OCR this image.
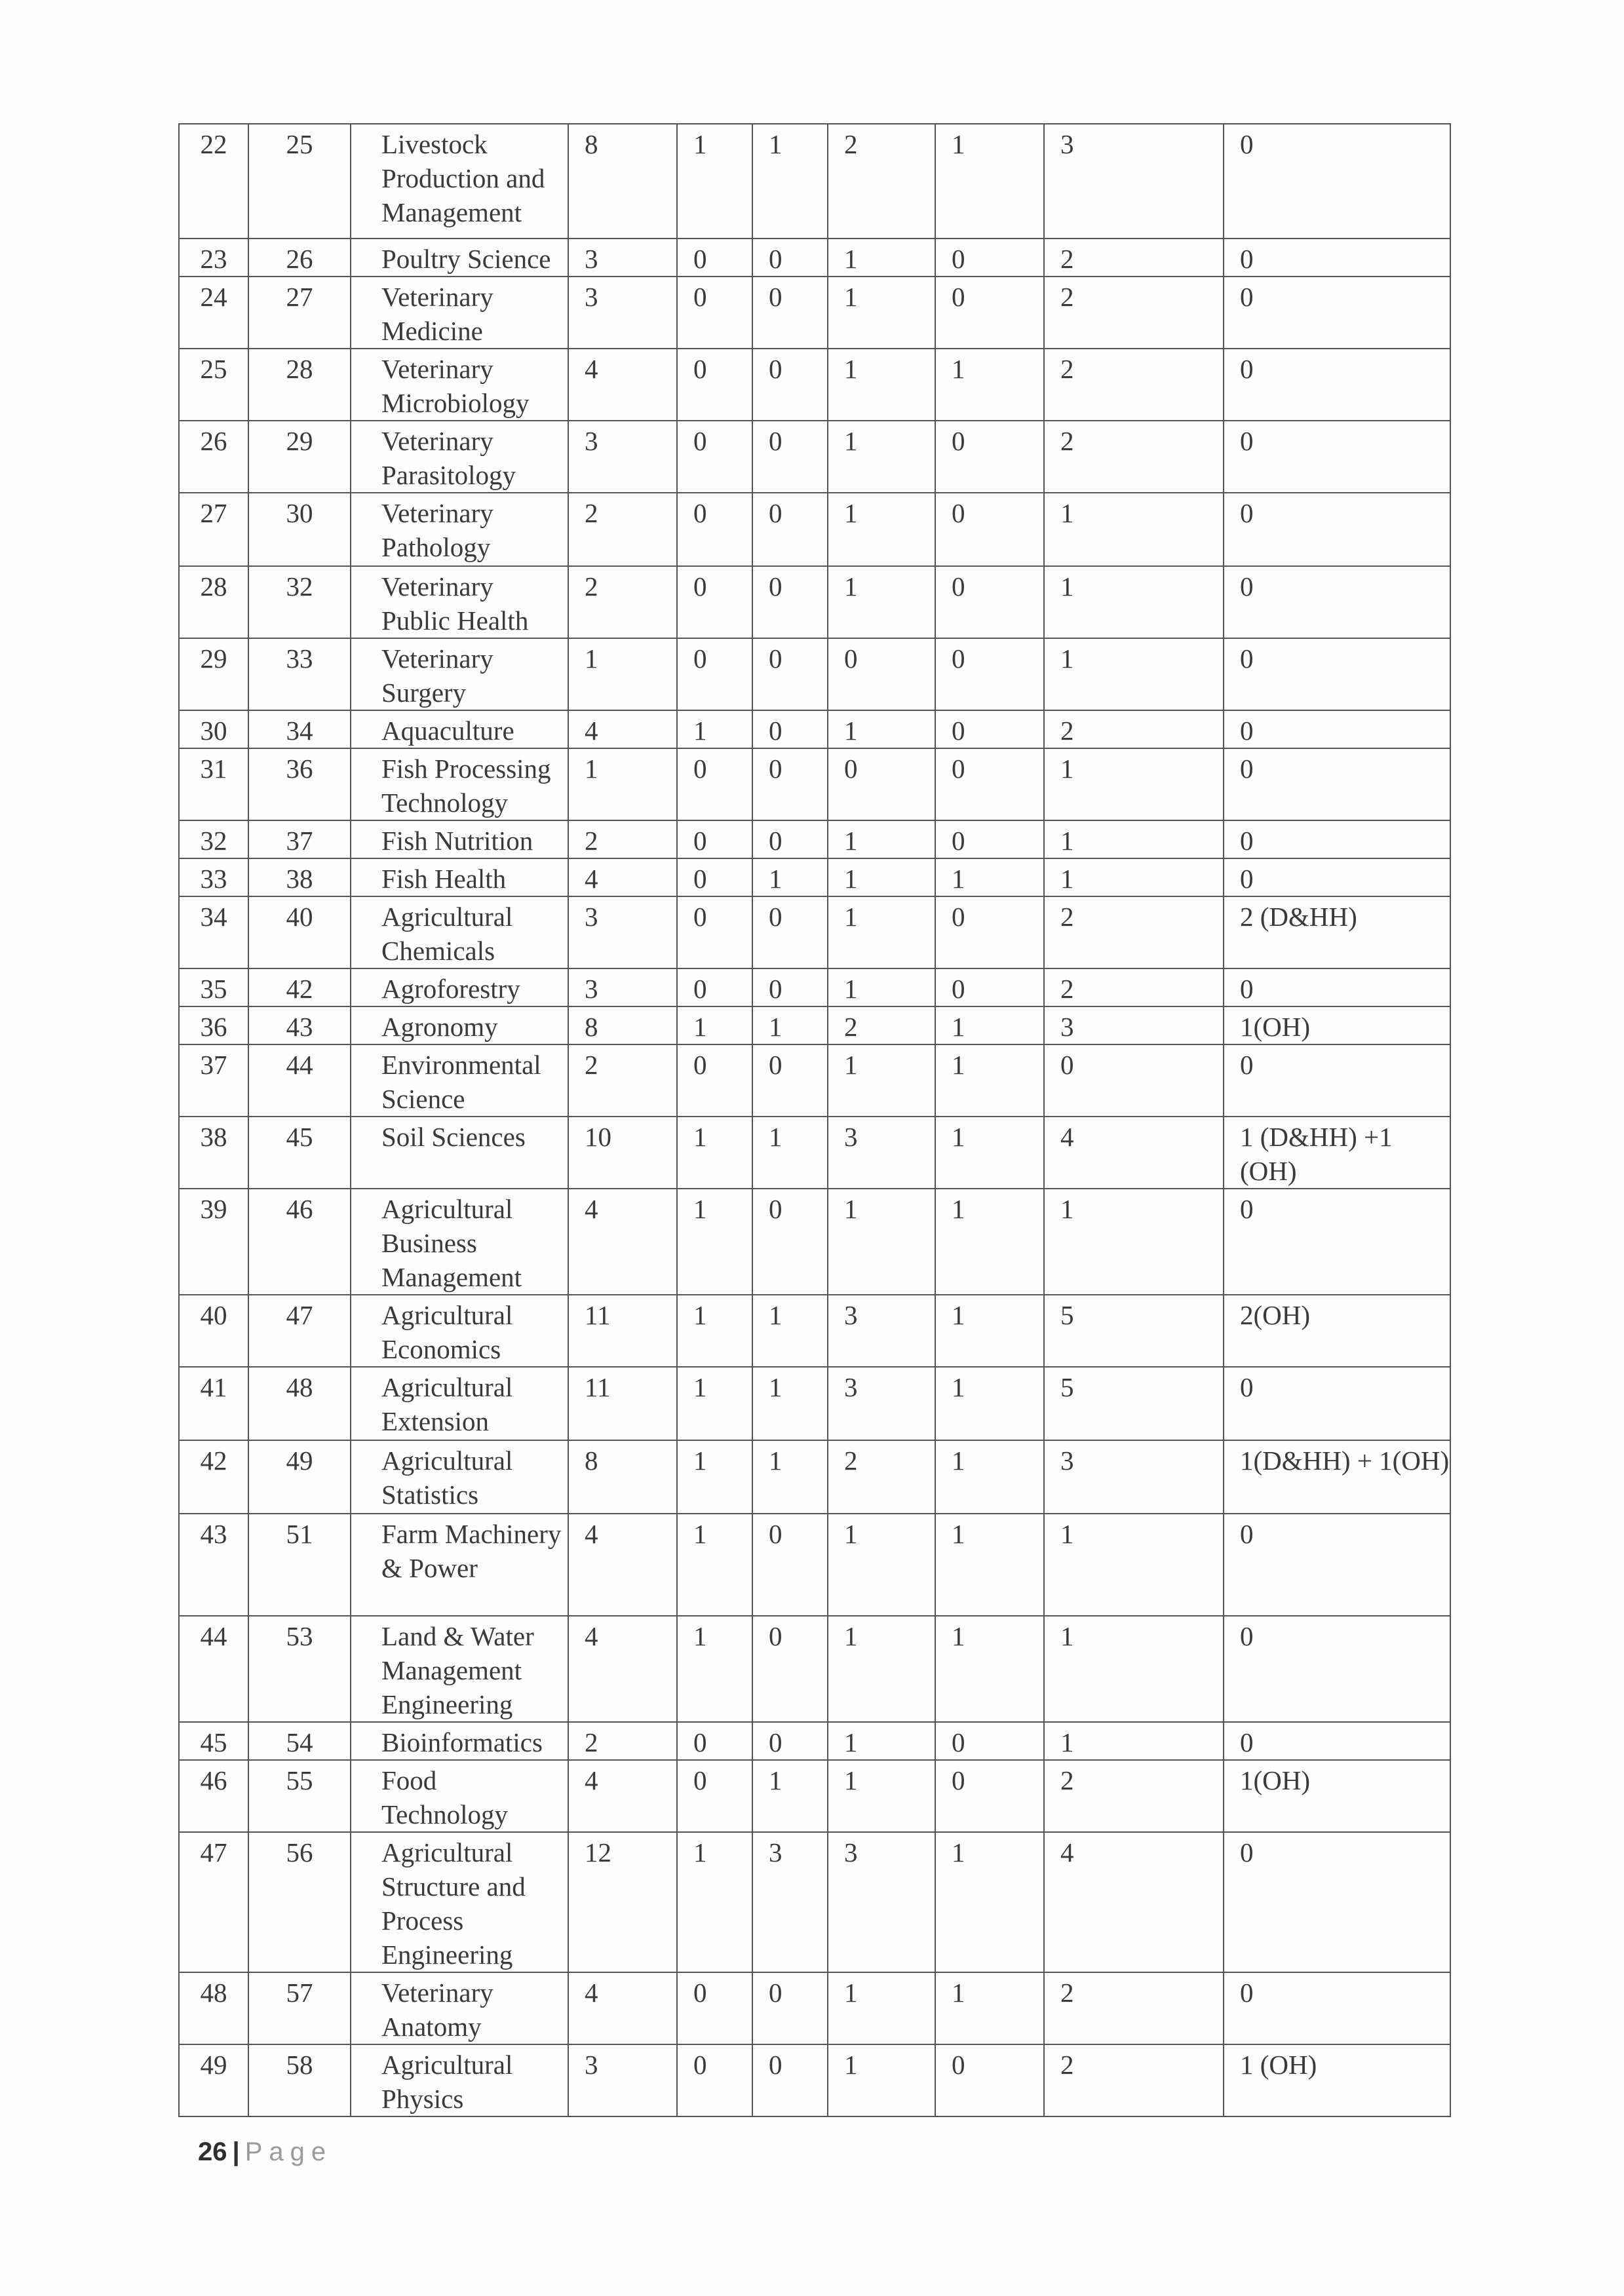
22	25	Livestock Production and Management	8	1	1	2	1	3	0
23	26	Poultry Science	3	0	0	1	0	2	0
24	27	Veterinary Medicine	3	0	0	1	0	2	0
25	28	Veterinary Microbiology	4	0	0	1	1	2	0
26	29	Veterinary Parasitology	3	0	0	1	0	2	0
27	30	Veterinary Pathology	2	0	0	1	0	1	0
28	32	Veterinary Public Health	2	0	0	1	0	1	0
29	33	Veterinary Surgery	1	0	0	0	0	1	0
30	34	Aquaculture	4	1	0	1	0	2	0
31	36	Fish Processing Technology	1	0	0	0	0	1	0
32	37	Fish Nutrition	2	0	0	1	0	1	0
33	38	Fish Health	4	0	1	1	1	1	0
34	40	Agricultural Chemicals	3	0	0	1	0	2	2 (D&HH)
35	42	Agroforestry	3	0	0	1	0	2	0
36	43	Agronomy	8	1	1	2	1	3	1(OH)
37	44	Environmental Science	2	0	0	1	1	0	0
38	45	Soil Sciences	10	1	1	3	1	4	1 (D&HH) +1 (OH)
39	46	Agricultural Business Management	4	1	0	1	1	1	0
40	47	Agricultural Economics	11	1	1	3	1	5	2(OH)
41	48	Agricultural Extension	11	1	1	3	1	5	0
42	49	Agricultural Statistics	8	1	1	2	1	3	1(D&HH) + 1(OH)
43	51	Farm Machinery & Power	4	1	0	1	1	1	0
44	53	Land & Water Management Engineering	4	1	0	1	1	1	0
45	54	Bioinformatics	2	0	0	1	0	1	0
46	55	Food Technology	4	0	1	1	0	2	1(OH)
47	56	Agricultural Structure and Process Engineering	12	1	3	3	1	4	0
48	57	Veterinary Anatomy	4	0	0	1	1	2	0
49	58	Agricultural Physics	3	0	0	1	0	2	1 (OH)
26 | Page
